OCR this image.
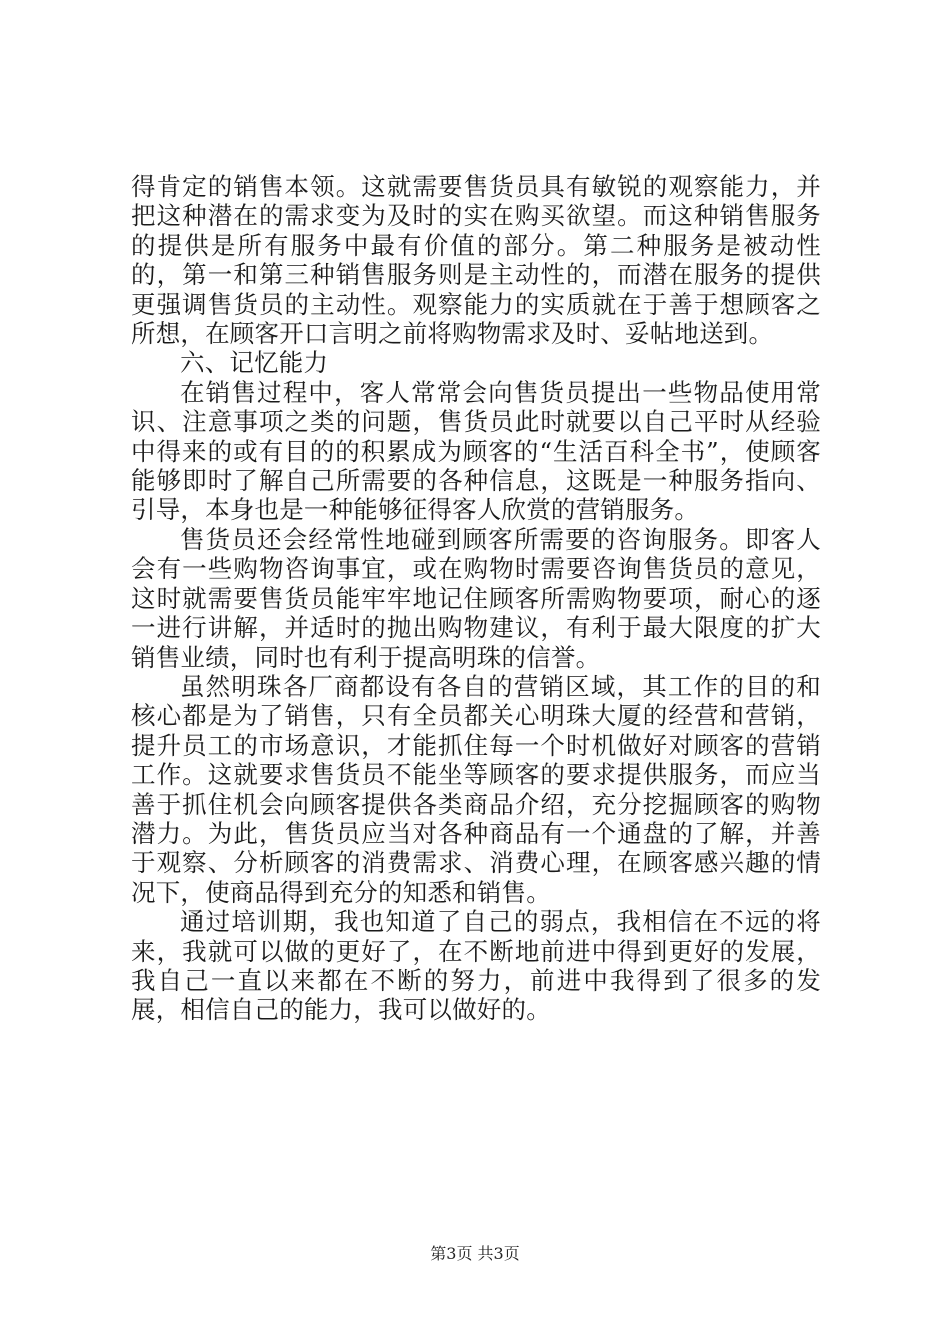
得肯定的销售本领。这就需要售货员具有敏锐的观察能力，并把这种潜在的需求变为及时的实在购买欲望。而这种销售服务的提供是所有服务中最有价值的部分。第二种服务是被动性的，第一和第三种销售服务则是主动性的，而潜在服务的提供更强调售货员的主动性。观察能力的实质就在于善于想顾客之所想，在顾客开口言明之前将购物需求及时、妥帖地送到。

六、记忆能力

在销售过程中，客人常常会向售货员提出一些物品使用常识、注意事项之类的问题，售货员此时就要以自己平时从经验中得来的或有目的的积累成为顾客的“生活百科全书”，使顾客能够即时了解自己所需要的各种信息，这既是一种服务指向、引导，本身也是一种能够征得客人欣赏的营销服务。

售货员还会经常性地碰到顾客所需要的咨询服务。即客人会有一些购物咨询事宜，或在购物时需要咨询售货员的意见，这时就需要售货员能牢牢地记住顾客所需购物要项，耐心的逐一进行讲解，并适时的抛出购物建议，有利于最大限度的扩大销售业绩，同时也有利于提高明珠的信誉。

虽然明珠各厂商都设有各自的营销区域，其工作的目的和核心都是为了销售，只有全员都关心明珠大厦的经营和营销，提升员工的市场意识，才能抓住每一个时机做好对顾客的营销工作。这就要求售货员不能坐等顾客的要求提供服务，而应当善于抓住机会向顾客提供各类商品介绍，充分挖掘顾客的购物潜力。为此，售货员应当对各种商品有一个通盘的了解，并善于观察、分析顾客的消费需求、消费心理，在顾客感兴趣的情况下，使商品得到充分的知悉和销售。

通过培训期，我也知道了自己的弱点，我相信在不远的将来，我就可以做的更好了，在不断地前进中得到更好的发展，我自己一直以来都在不断的努力，前进中我得到了很多的发展，相信自己的能力，我可以做好的。

第3页 共3页
